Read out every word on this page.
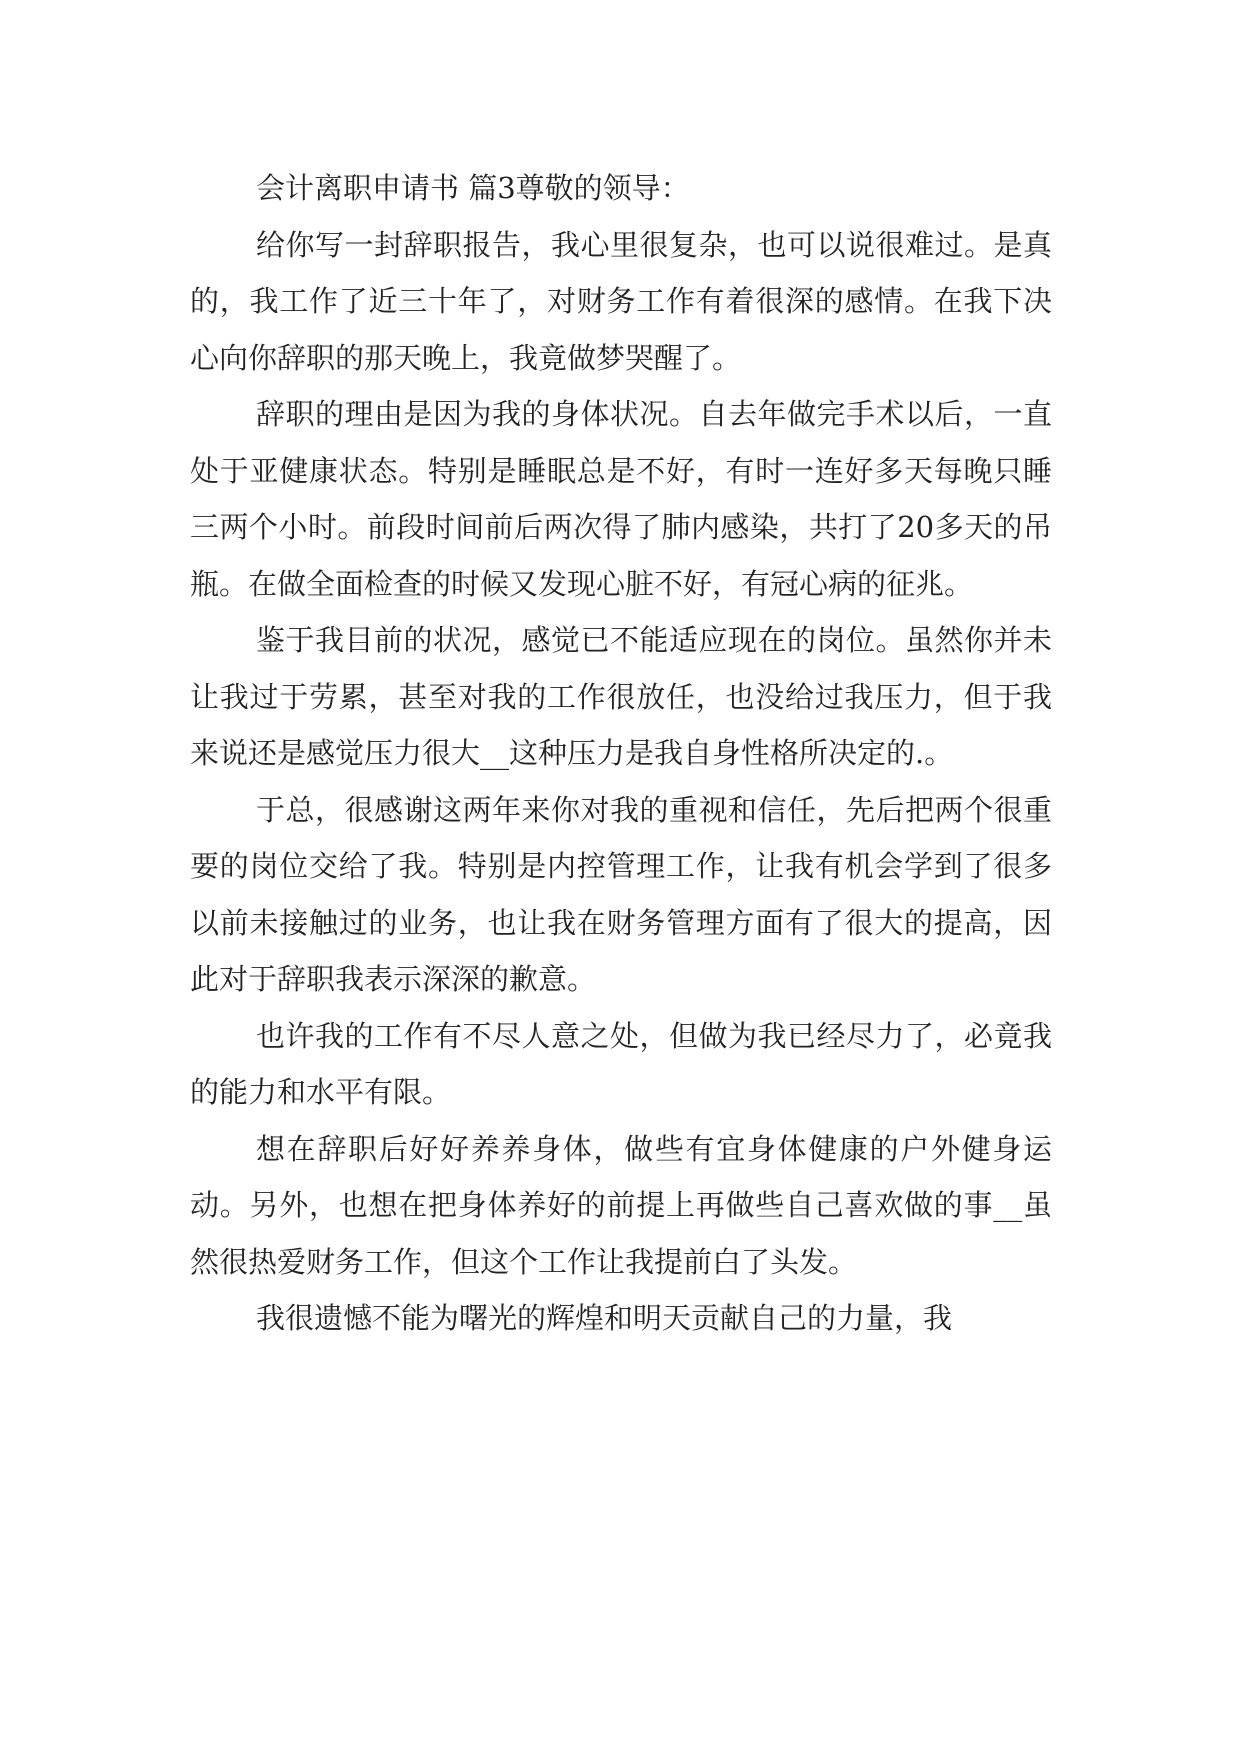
会计离职申请书 篇3尊敬的领导：

给你写一封辞职报告，我心里很复杂，也可以说很难过。是真的，我工作了近三十年了，对财务工作有着很深的感情。在我下决心向你辞职的那天晚上，我竟做梦哭醒了。

辞职的理由是因为我的身体状况。自去年做完手术以后，一直处于亚健康状态。特别是睡眠总是不好，有时一连好多天每晚只睡三两个小时。前段时间前后两次得了肺内感染，共打了20多天的吊瓶。在做全面检查的时候又发现心脏不好，有冠心病的征兆。

鉴于我目前的状况，感觉已不能适应现在的岗位。虽然你并未让我过于劳累，甚至对我的工作很放任，也没给过我压力，但于我来说还是感觉压力很大__这种压力是我自身性格所决定的.。

于总，很感谢这两年来你对我的重视和信任，先后把两个很重要的岗位交给了我。特别是内控管理工作，让我有机会学到了很多以前未接触过的业务，也让我在财务管理方面有了很大的提高，因此对于辞职我表示深深的歉意。

也许我的工作有不尽人意之处，但做为我已经尽力了，必竟我的能力和水平有限。

想在辞职后好好养养身体，做些有宜身体健康的户外健身运动。另外，也想在把身体养好的前提上再做些自己喜欢做的事__虽然很热爱财务工作，但这个工作让我提前白了头发。

我很遗憾不能为曙光的辉煌和明天贡献自己的力量，我
